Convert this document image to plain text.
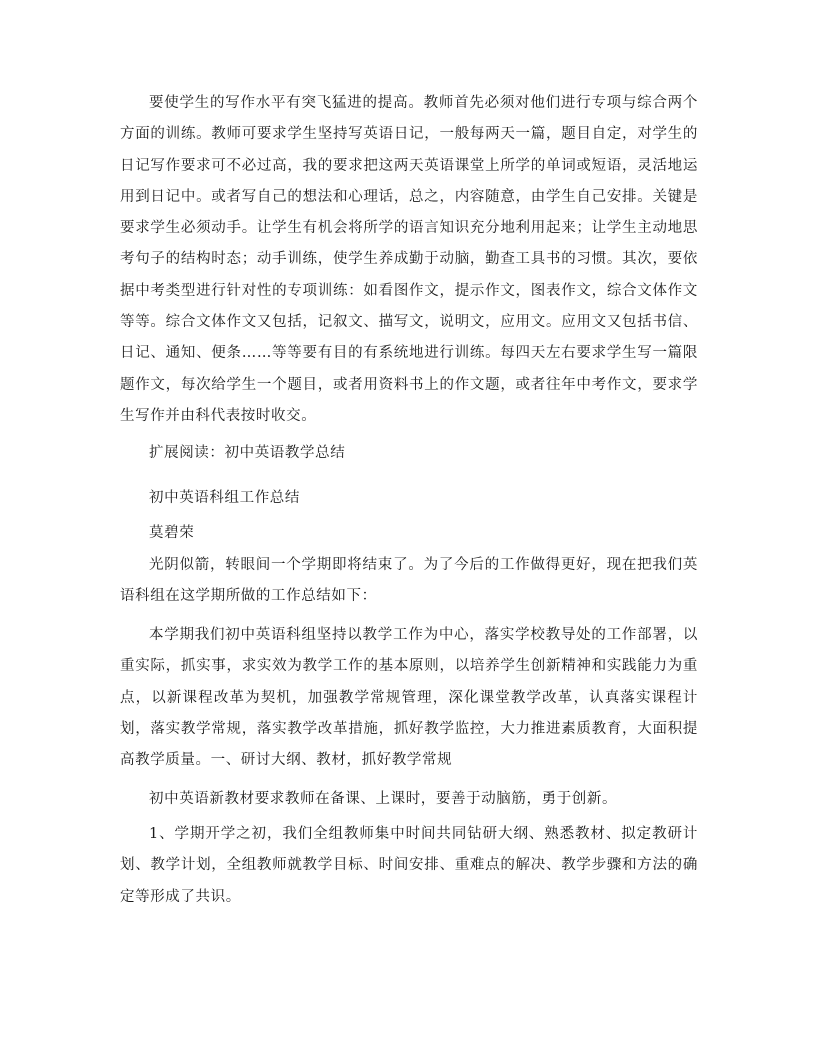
要使学生的写作水平有突飞猛进的提高。教师首先必须对他们进行专项与综合两个方面的训练。教师可要求学生坚持写英语日记，一般每两天一篇，题目自定，对学生的日记写作要求可不必过高，我的要求把这两天英语课堂上所学的单词或短语，灵活地运用到日记中。或者写自己的想法和心理话，总之，内容随意，由学生自己安排。关键是要求学生必须动手。让学生有机会将所学的语言知识充分地利用起来；让学生主动地思考句子的结构时态；动手训练，使学生养成勤于动脑，勤查工具书的习惯。其次，要依据中考类型进行针对性的专项训练：如看图作文，提示作文，图表作文，综合文体作文等等。综合文体作文又包括，记叙文、描写文，说明文，应用文。应用文又包括书信、日记、通知、便条……等等要有目的有系统地进行训练。每四天左右要求学生写一篇限题作文，每次给学生一个题目，或者用资料书上的作文题，或者往年中考作文，要求学生写作并由科代表按时收交。

扩展阅读：初中英语教学总结

初中英语科组工作总结

莫碧荣

光阴似箭，转眼间一个学期即将结束了。为了今后的工作做得更好，现在把我们英语科组在这学期所做的工作总结如下：

本学期我们初中英语科组坚持以教学工作为中心，落实学校教导处的工作部署，以重实际，抓实事，求实效为教学工作的基本原则，以培养学生创新精神和实践能力为重点，以新课程改革为契机，加强教学常规管理，深化课堂教学改革，认真落实课程计划，落实教学常规，落实教学改革措施，抓好教学监控，大力推进素质教育，大面积提高教学质量。一、研讨大纲、教材，抓好教学常规

初中英语新教材要求教师在备课、上课时，要善于动脑筋，勇于创新。

1、学期开学之初，我们全组教师集中时间共同钻研大纲、熟悉教材、拟定教研计划、教学计划，全组教师就教学目标、时间安排、重难点的解决、教学步骤和方法的确定等形成了共识。
